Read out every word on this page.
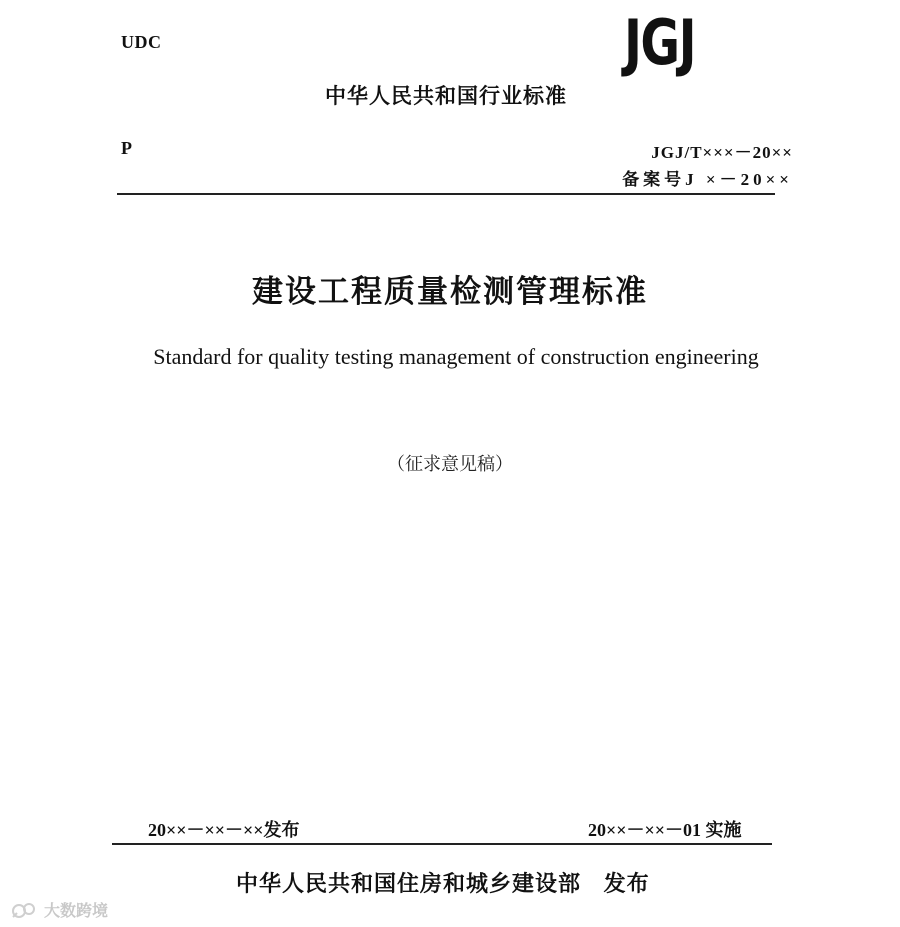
UDC	JGJ
中华人民共和国行业标准
P	JGJ/T×××－20××
备案号J ×－20××
建设工程质量检测管理标准
Standard for quality testing management of construction engineering
（征求意见稿）
20××－××－××发布	20××－××－01 实施
中华人民共和国住房和城乡建设部 发布
大数跨境
